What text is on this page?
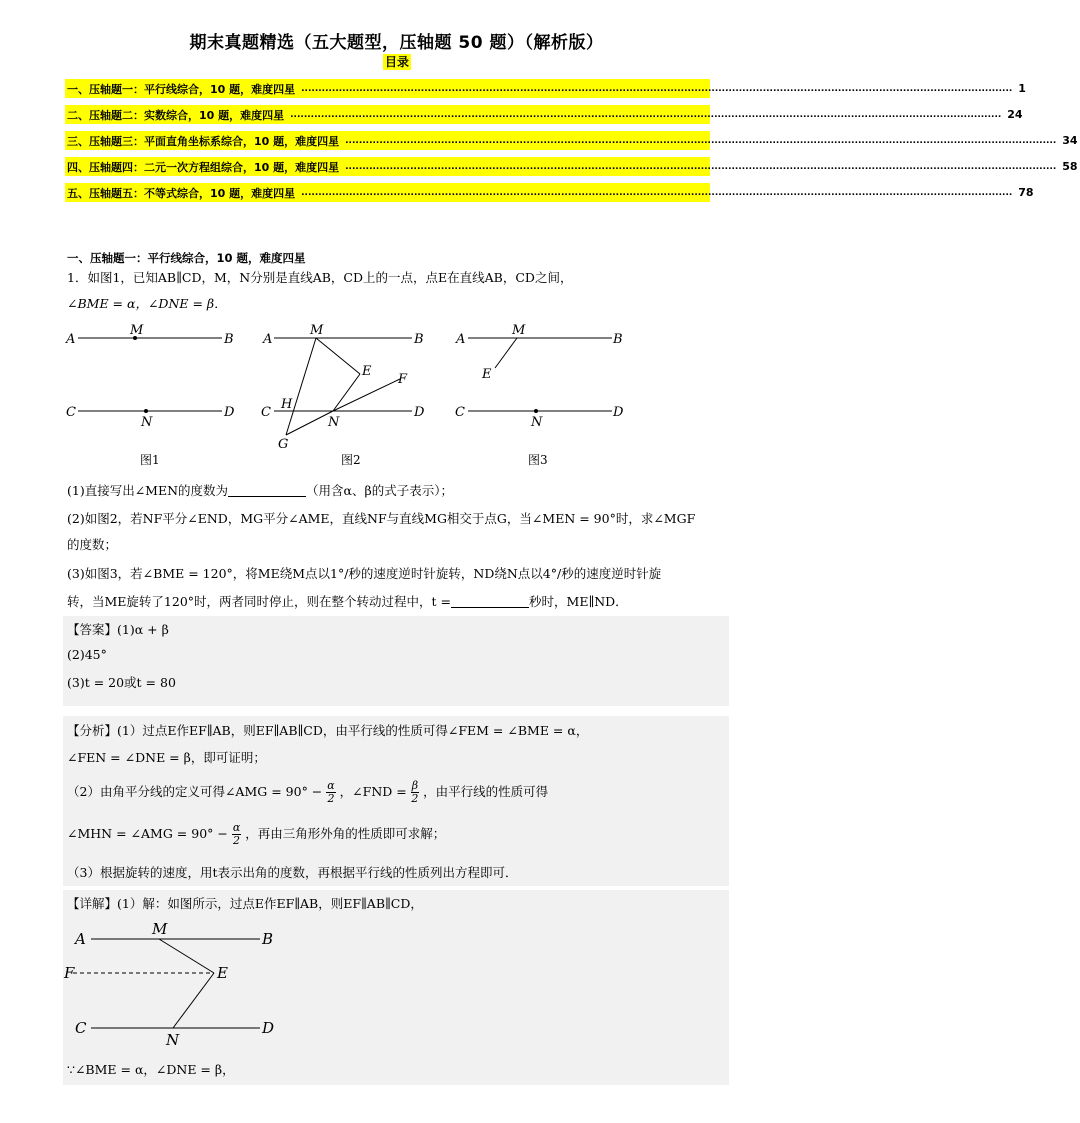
期末真题精选（五大题型，压轴题 50 题）（解析版）
目录
一、压轴题一：平行线综合，10 题，难度四星 ................................................................................................................................................................................................................ 1
二、压轴题二：实数综合，10 题，难度四星 ................................................................................................................................................................................................................ 24
三、压轴题三：平面直角坐标系综合，10 题，难度四星 ................................................................................................................................................................................................................ 34
四、压轴题四：二元一次方程组综合，10 题，难度四星 ................................................................................................................................................................................................................ 58
五、压轴题五：不等式综合，10 题，难度四星 ................................................................................................................................................................................................................ 78
一、压轴题一：平行线综合，10 题，难度四星
1．如图1，已知AB∥CD，M，N分别是直线AB，CD上的一点，点E在直线AB，CD之间，
∠BME = α，∠DNE = β．
A	B
C	D
M
N
图1
A	B
C	D
M
N
E
F
G
H
图2
A	B
C	D
M
N
E
图3
(1)直接写出∠MEN的度数为	（用含α、β的式子表示）；
(2)如图2，若NF平分∠END，MG平分∠AME，直线NF与直线MG相交于点G，当∠MEN = 90°时，求∠MGF
的度数；
(3)如图3，若∠BME = 120°，将ME绕M点以1°/秒的速度逆时针旋转，ND绕N点以4°/秒的速度逆时针旋
转，当ME旋转了120°时，两者同时停止，则在整个转动过程中，t =	秒时，ME∥ND．
【答案】(1)α + β
(2)45°
(3)t = 20或t = 80
【分析】(1）过点E作EF∥AB，则EF∥AB∥CD，由平行线的性质可得∠FEM = ∠BME = α，
∠FEN = ∠DNE = β，即可证明；
（2）由角平分线的定义可得∠AMG = $90^\circ - \frac{\alpha}{2}$ ，∠FND = $\frac{\beta}{2}$ ，由平行线的性质可得
∠MHN = ∠AMG = $90^\circ - \frac{\alpha}{2}$ ，再由三角形外角的性质即可求解；
（3）根据旋转的速度，用t表示出角的度数，再根据平行线的性质列出方程即可．
【详解】(1）解：如图所示，过点E作EF∥AB，则EF∥AB∥CD，
A	B
C	D
M
N
E
F
∵∠BME = α，∠DNE = β，
